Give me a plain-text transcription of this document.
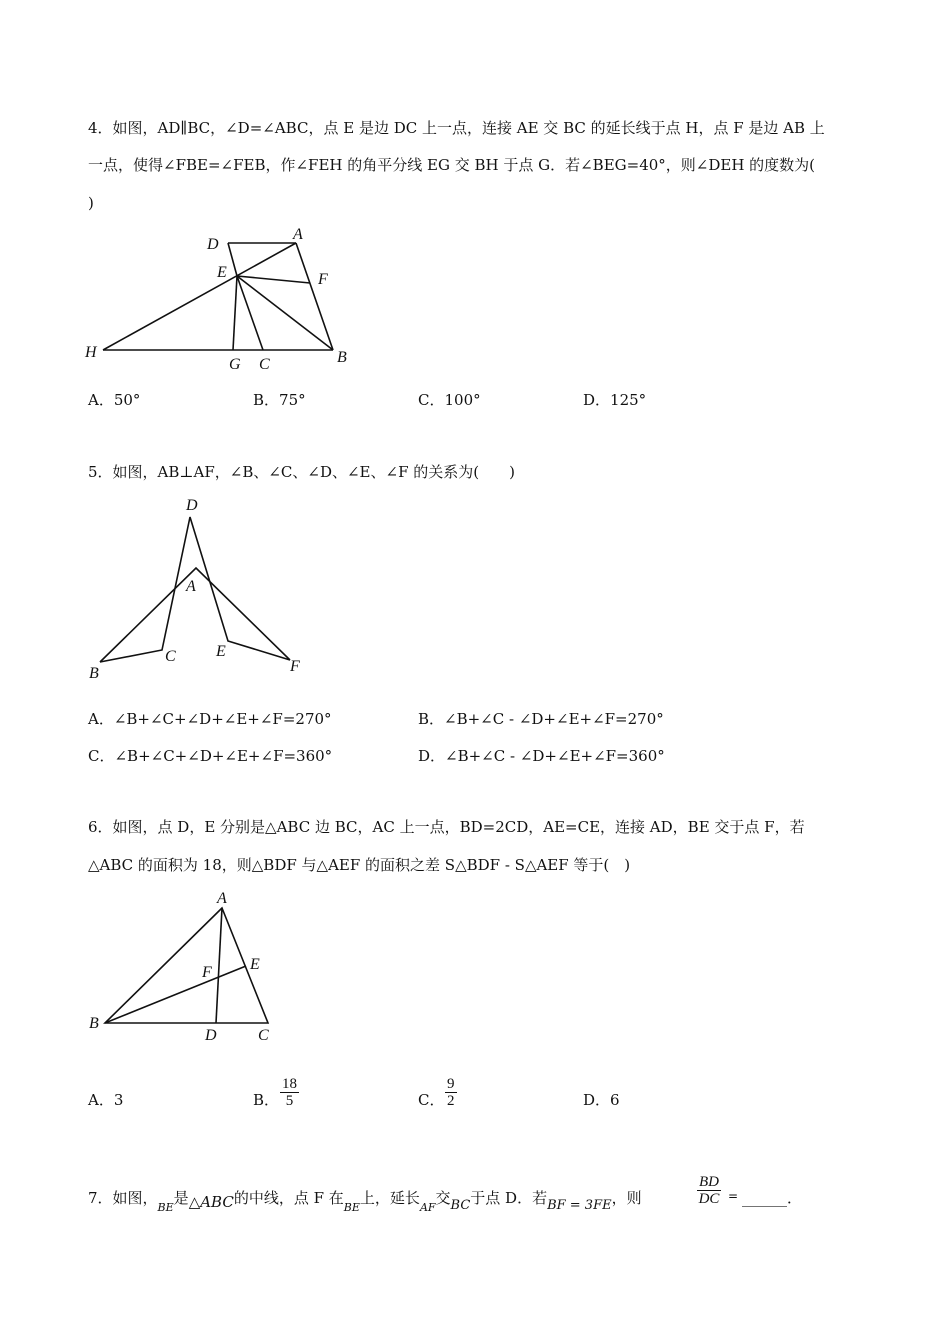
4．如图，AD∥BC，∠D=∠ABC，点 E 是边 DC 上一点，连接 AE 交 BC 的延长线于点 H，点 F 是边 AB 上
一点，使得∠FBE=∠FEB，作∠FEH 的角平分线 EG 交 BH 于点 G．若∠BEG=40°，则∠DEH 的度数为(
)
D
A
E	F
H
G C	B
D
A
B
C	E
F
A
B
C
D
E
F
A．50°	B．75°	C．100°	D．125°
5．如图，AB⊥AF，∠B、∠C、∠D、∠E、∠F 的关系为(　　)
A．∠B+∠C+∠D+∠E+∠F=270°	B．∠B+∠C - ∠D+∠E+∠F=270°
C．∠B+∠C+∠D+∠E+∠F=360°	D．∠B+∠C - ∠D+∠E+∠F=360°
6．如图，点 D，E 分别是△ABC 边 BC，AC 上一点，BD=2CD，AE=CE，连接 AD，BE 交于点 F，若
△ABC 的面积为 18，则△BDF 与△AEF 的面积之差 S△BDF - S△AEF 等于(　)
A．3	B． $\frac{18}{5}$	C． $\frac{9}{2}$	D．6
7．如图，$_{BE}$是△ABC的中线，点 F 在$_{BE}$上，延长$_{AF}$交BC于点 D．若BF = 3FE，则	$\frac{BD}{DC}$ = ______．
